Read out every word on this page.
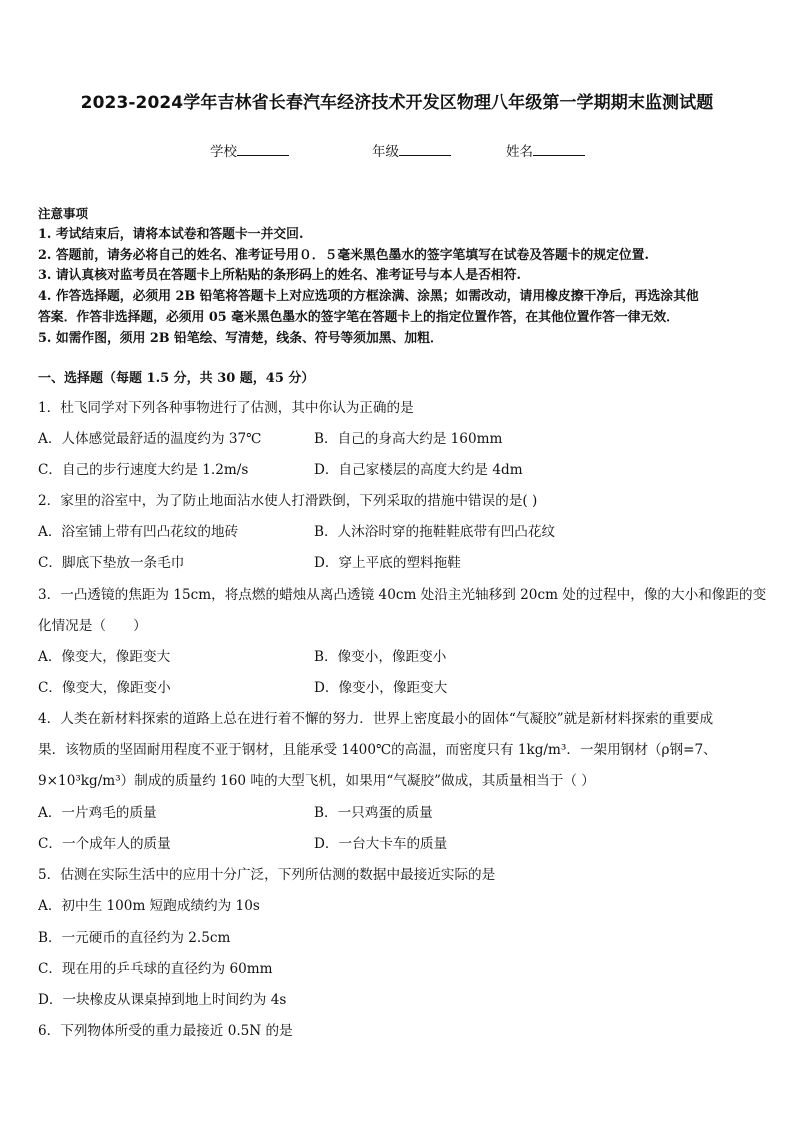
2023-2024学年吉林省长春汽车经济技术开发区物理八年级第一学期期末监测试题
学校	年级	姓名
注意事项
1. 考试结束后，请将本试卷和答题卡一并交回.
2. 答题前，请务必将自己的姓名、准考证号用０．５毫米黑色墨水的签字笔填写在试卷及答题卡的规定位置.
3. 请认真核对监考员在答题卡上所粘贴的条形码上的姓名、准考证号与本人是否相符.
4. 作答选择题，必须用 2B 铅笔将答题卡上对应选项的方框涂满、涂黑；如需改动，请用橡皮擦干净后，再选涂其他
答案．作答非选择题，必须用 05 毫米黑色墨水的签字笔在答题卡上的指定位置作答，在其他位置作答一律无效．
5. 如需作图，须用 2B 铅笔绘、写清楚，线条、符号等须加黑、加粗．
一、选择题（每题 1.5 分，共 30 题，45 分）
1．杜飞同学对下列各种事物进行了估测，其中你认为正确的是
A．人体感觉最舒适的温度约为 37℃	B．自己的身高大约是 160mm
C．自己的步行速度大约是 1.2m/s	D．自己家楼层的高度大约是 4dm
2．家里的浴室中，为了防止地面沾水使人打滑跌倒，下列采取的措施中错误的是( )
A．浴室铺上带有凹凸花纹的地砖	B．人沐浴时穿的拖鞋鞋底带有凹凸花纹
C．脚底下垫放一条毛巾	D．穿上平底的塑料拖鞋
3．一凸透镜的焦距为 15cm，将点燃的蜡烛从离凸透镜 40cm 处沿主光轴移到 20cm 处的过程中，像的大小和像距的变
化情况是（　　）
A．像变大，像距变大	B．像变小，像距变小
C．像变大，像距变小	D．像变小，像距变大
4．人类在新材料探索的道路上总在进行着不懈的努力．世界上密度最小的固体“气凝胶”就是新材料探索的重要成
果．该物质的坚固耐用程度不亚于钢材，且能承受 1400℃的高温，而密度只有 1kg/m³．一架用钢材（ρ钢=7、
9×10³kg/m³）制成的质量约 160 吨的大型飞机，如果用“气凝胶”做成，其质量相当于（ ）
A．一片鸡毛的质量	B．一只鸡蛋的质量
C．一个成年人的质量	D．一台大卡车的质量
5．估测在实际生活中的应用十分广泛，下列所估测的数据中最接近实际的是
A．初中生 100m 短跑成绩约为 10s
B．一元硬币的直径约为 2.5cm
C．现在用的乒乓球的直径约为 60mm
D．一块橡皮从课桌掉到地上时间约为 4s
6．下列物体所受的重力最接近 0.5N 的是
